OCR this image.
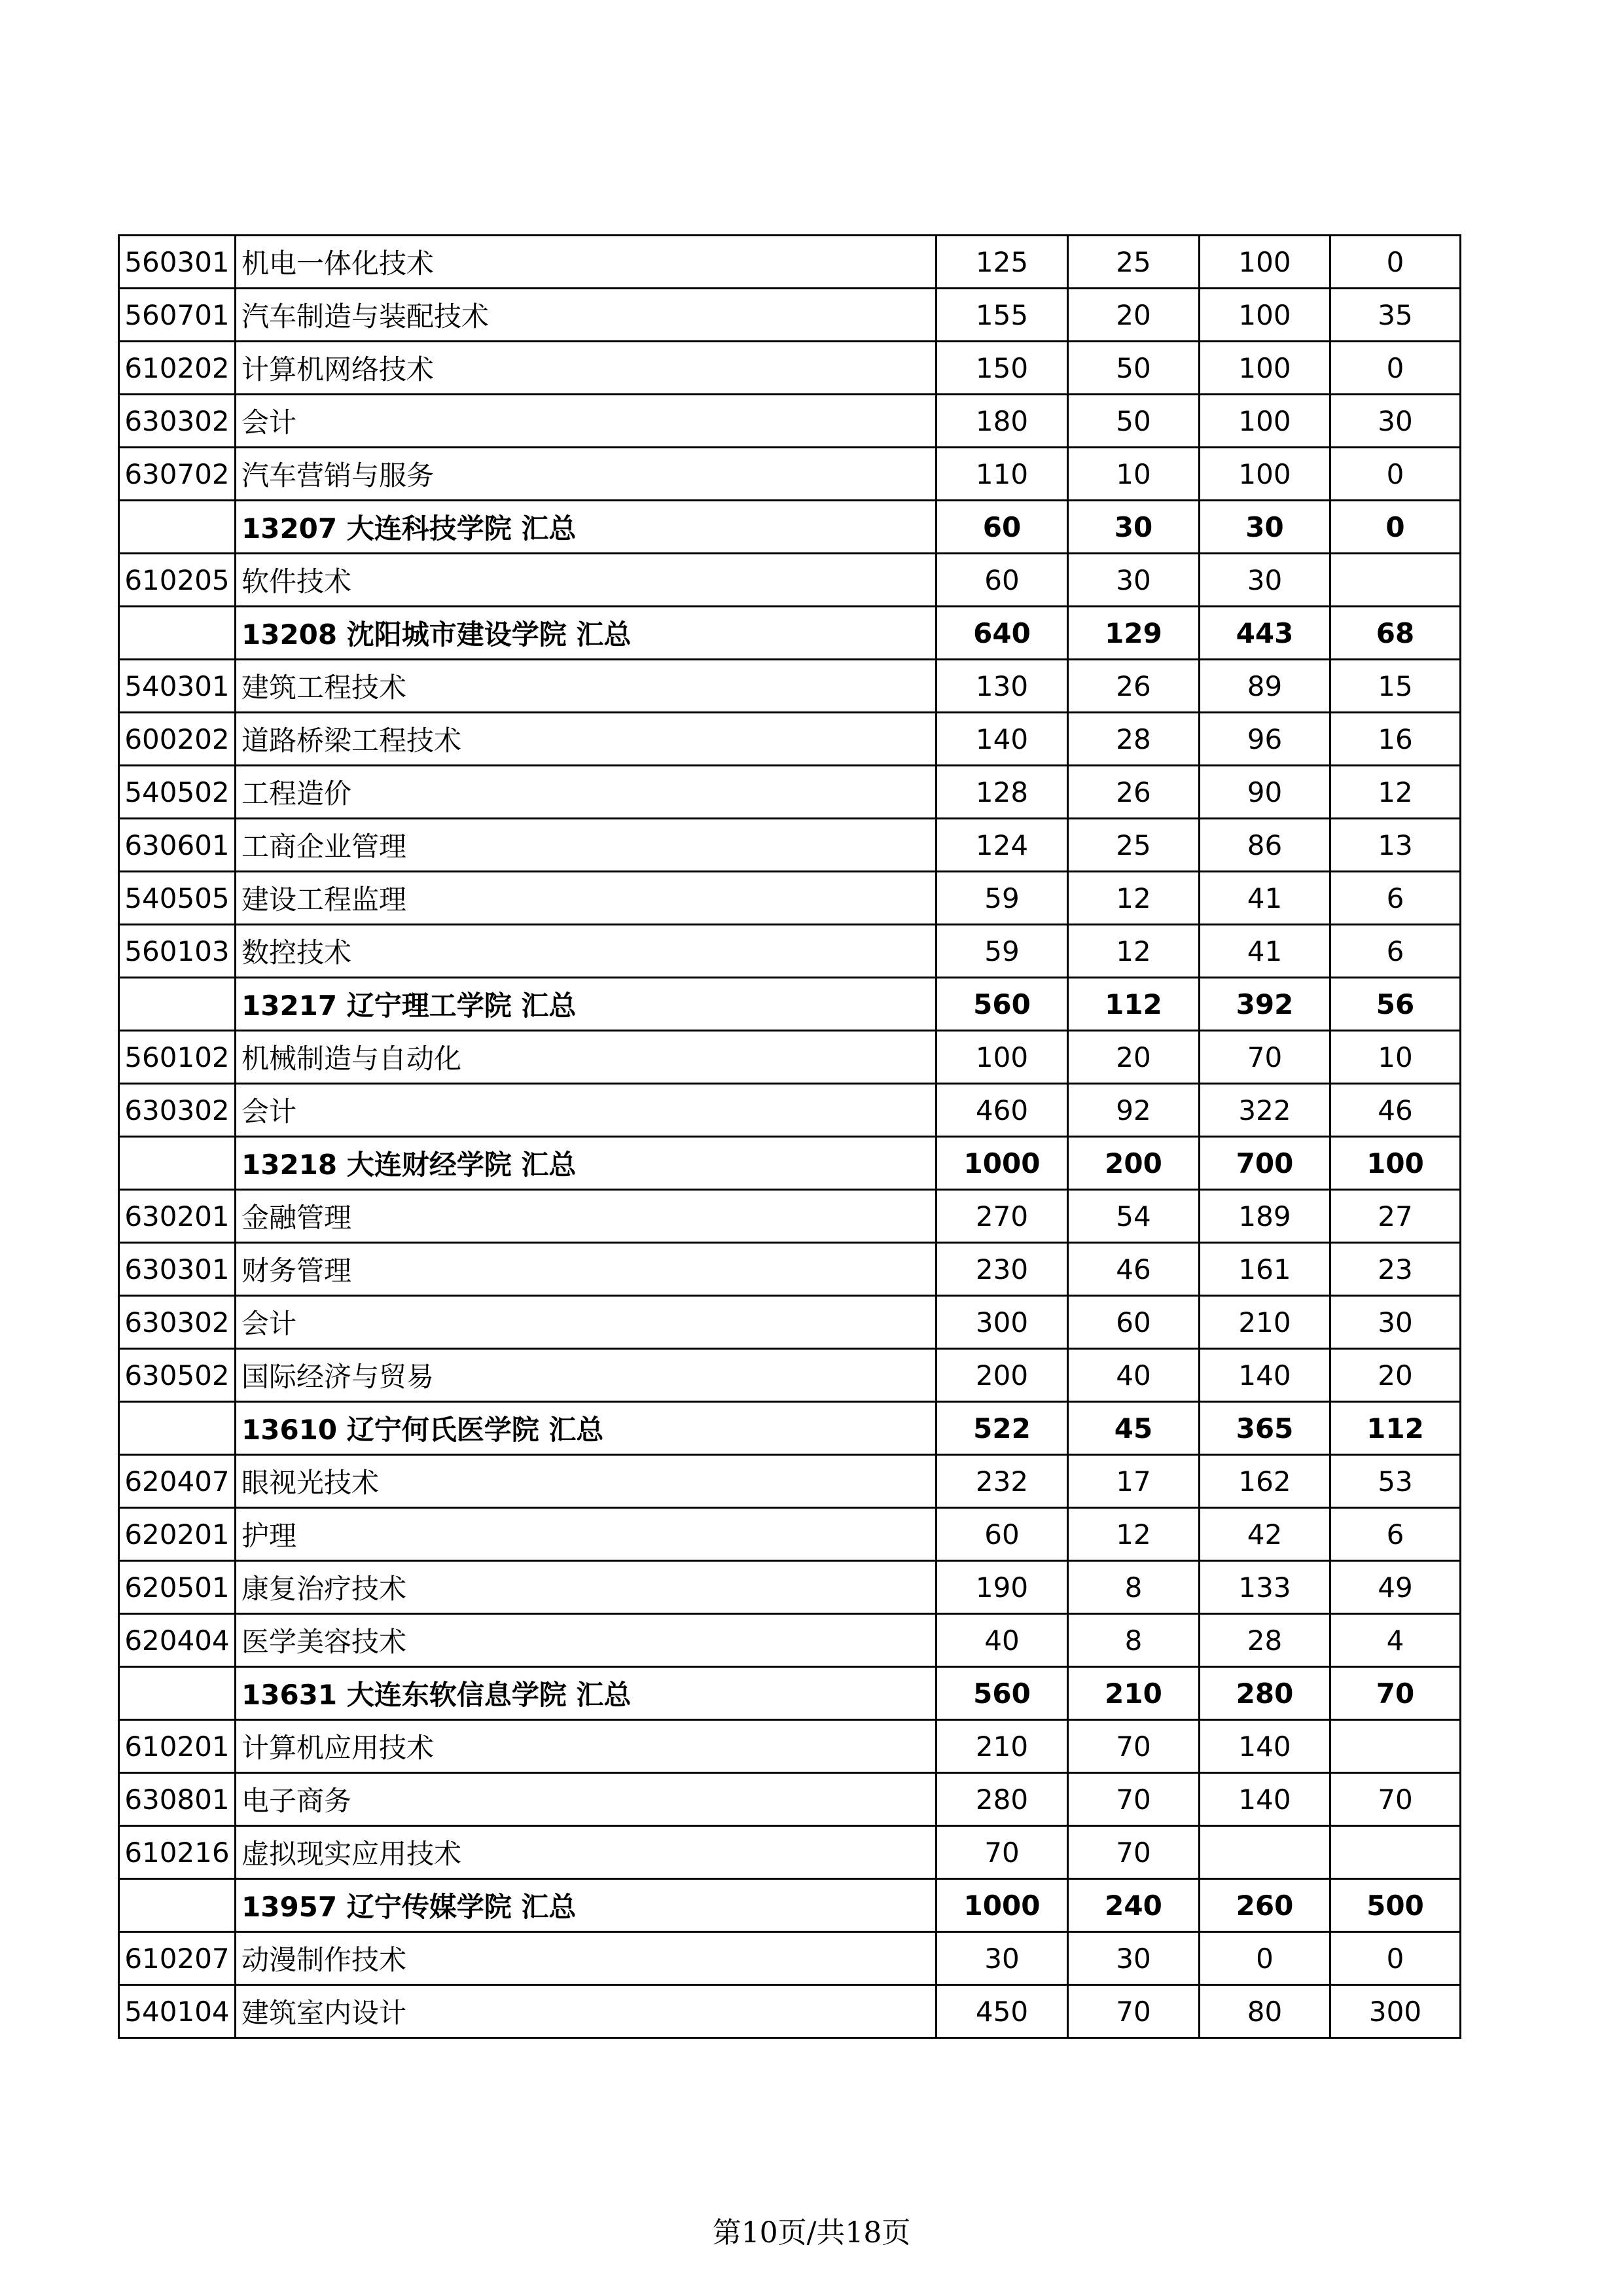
560301	机电一体化技术	125	25	100	0
560701	汽车制造与装配技术	155	20	100	35
610202	计算机网络技术	150	50	100	0
630302	会计	180	50	100	30
630702	汽车营销与服务	110	10	100	0
	13207 大连科技学院 汇总	60	30	30	0
610205	软件技术	60	30	30	
	13208 沈阳城市建设学院 汇总	640	129	443	68
540301	建筑工程技术	130	26	89	15
600202	道路桥梁工程技术	140	28	96	16
540502	工程造价	128	26	90	12
630601	工商企业管理	124	25	86	13
540505	建设工程监理	59	12	41	6
560103	数控技术	59	12	41	6
	13217 辽宁理工学院 汇总	560	112	392	56
560102	机械制造与自动化	100	20	70	10
630302	会计	460	92	322	46
	13218 大连财经学院 汇总	1000	200	700	100
630201	金融管理	270	54	189	27
630301	财务管理	230	46	161	23
630302	会计	300	60	210	30
630502	国际经济与贸易	200	40	140	20
	13610 辽宁何氏医学院 汇总	522	45	365	112
620407	眼视光技术	232	17	162	53
620201	护理	60	12	42	6
620501	康复治疗技术	190	8	133	49
620404	医学美容技术	40	8	28	4
	13631 大连东软信息学院 汇总	560	210	280	70
610201	计算机应用技术	210	70	140	
630801	电子商务	280	70	140	70
610216	虚拟现实应用技术	70	70		
	13957 辽宁传媒学院 汇总	1000	240	260	500
610207	动漫制作技术	30	30	0	0
540104	建筑室内设计	450	70	80	300
第10页/共18页
